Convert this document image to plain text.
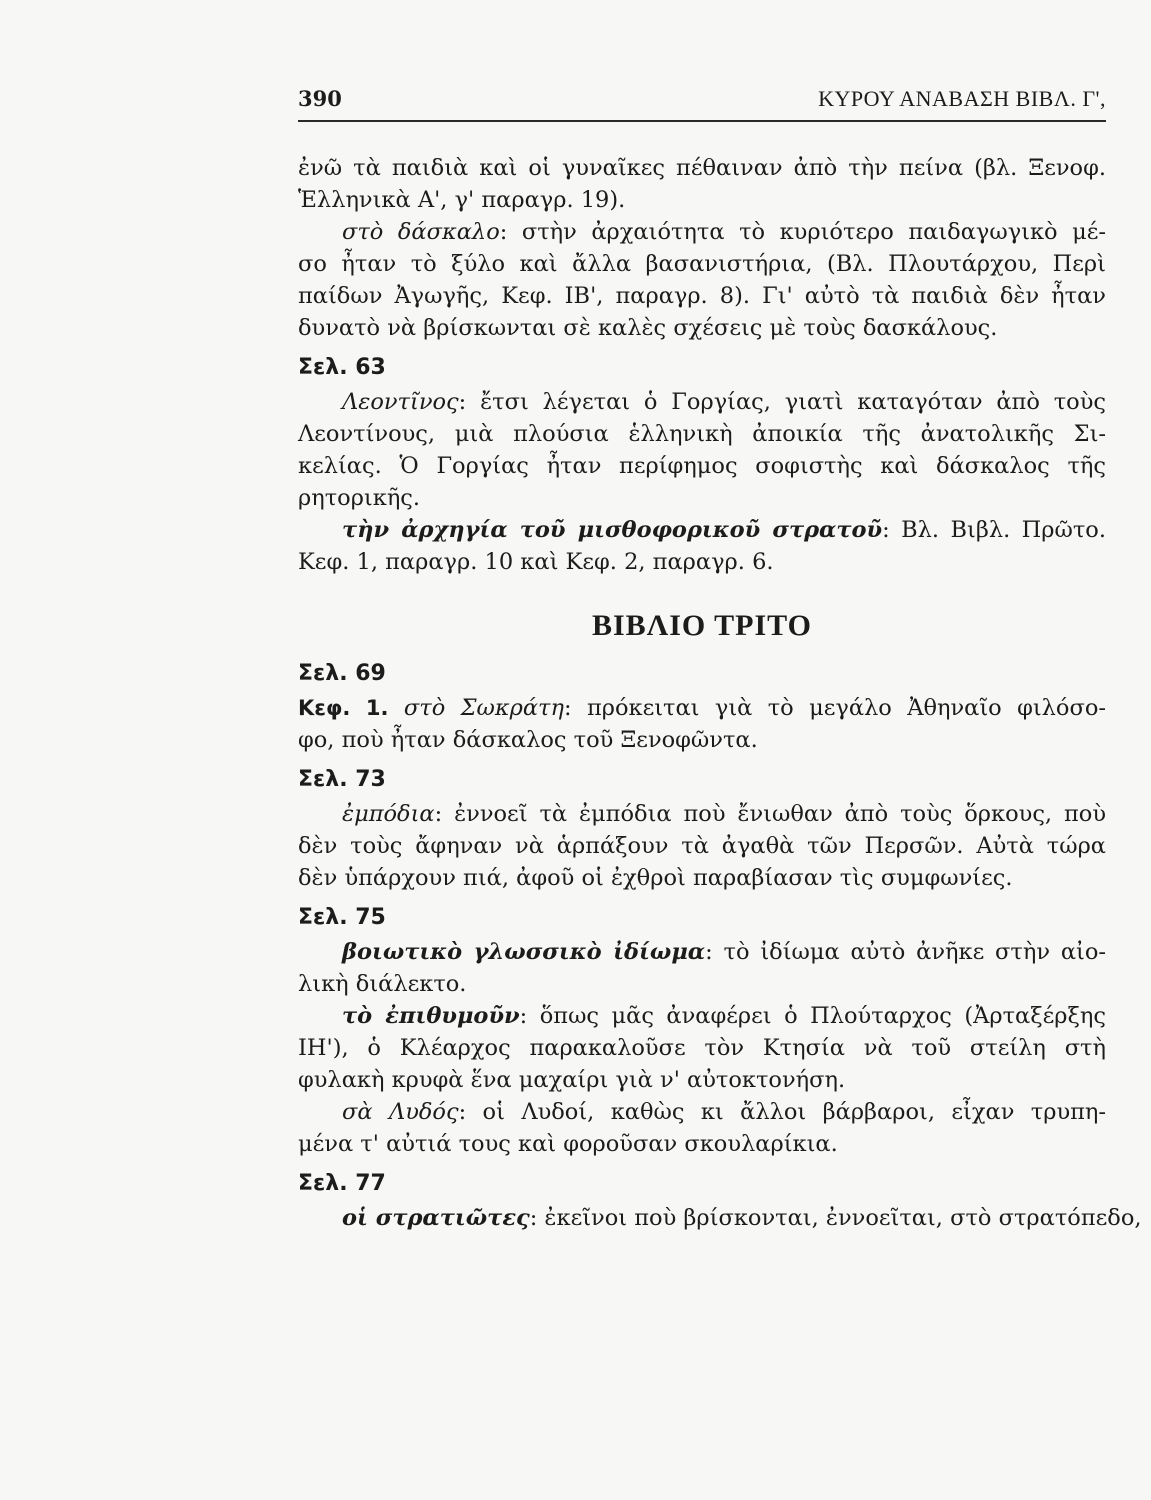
390	ΚΥΡΟΥ ΑΝΑΒΑΣΗ ΒΙΒΛ. Γ',
ἐνῶ τὰ παιδιὰ καὶ οἱ γυναῖκες πέθαιναν ἀπὸ τὴν πείνα (βλ. Ξενοφ.
Ἑλληνικὰ Α', γ' παραγρ. 19).
στὸ δάσκαλο: στὴν ἀρχαιότητα τὸ κυριότερο παιδαγωγικὸ μέ-
σο ἦταν τὸ ξύλο καὶ ἄλλα βασανιστήρια, (Βλ. Πλουτάρχου, Περὶ
παίδων Ἀγωγῆς, Κεφ. ΙΒ', παραγρ. 8). Γι' αὐτὸ τὰ παιδιὰ δὲν ἦταν
δυνατὸ νὰ βρίσκωνται σὲ καλὲς σχέσεις μὲ τοὺς δασκάλους.
Σελ. 63
Λεοντῖνος: ἔτσι λέγεται ὁ Γοργίας, γιατὶ καταγόταν ἀπὸ τοὺς
Λεοντίνους, μιὰ πλούσια ἑλληνικὴ ἀποικία τῆς ἀνατολικῆς Σι-
κελίας. Ὁ Γοργίας ἦταν περίφημος σοφιστὴς καὶ δάσκαλος τῆς
ρητορικῆς.
τὴν ἀρχηγία τοῦ μισθοφορικοῦ στρατοῦ: Βλ. Βιβλ. Πρῶτο.
Κεφ. 1, παραγρ. 10 καὶ Κεφ. 2, παραγρ. 6.
ΒΙΒΛΙΟ ΤΡΙΤΟ
Σελ. 69
Κεφ. 1. στὸ Σωκράτη: πρόκειται γιὰ τὸ μεγάλο Ἀθηναῖο φιλόσο-
φο, ποὺ ἦταν δάσκαλος τοῦ Ξενοφῶντα.
Σελ. 73
ἐμπόδια: ἐννοεῖ τὰ ἐμπόδια ποὺ ἔνιωθαν ἀπὸ τοὺς ὅρκους, ποὺ
δὲν τοὺς ἄφηναν νὰ ἁρπάξουν τὰ ἀγαθὰ τῶν Περσῶν. Αὐτὰ τώρα
δὲν ὑπάρχουν πιά, ἀφοῦ οἱ ἐχθροὶ παραβίασαν τὶς συμφωνίες.
Σελ. 75
βοιωτικὸ γλωσσικὸ ἰδίωμα: τὸ ἰδίωμα αὐτὸ ἀνῆκε στὴν αἰο-
λικὴ διάλεκτο.
τὸ ἐπιθυμοῦν: ὅπως μᾶς ἀναφέρει ὁ Πλούταρχος (Ἀρταξέρξης
ΙΗ'), ὁ Κλέαρχος παρακαλοῦσε τὸν Κτησία νὰ τοῦ στείλη στὴ
φυλακὴ κρυφὰ ἕνα μαχαίρι γιὰ ν' αὐτοκτονήση.
σὰ Λυδός: οἱ Λυδοί, καθὼς κι ἄλλοι βάρβαροι, εἶχαν τρυπη-
μένα τ' αὐτιά τους καὶ φοροῦσαν σκουλαρίκια.
Σελ. 77
οἱ στρατιῶτες: ἐκεῖνοι ποὺ βρίσκονται, ἐννοεῖται, στὸ στρατόπεδο,
